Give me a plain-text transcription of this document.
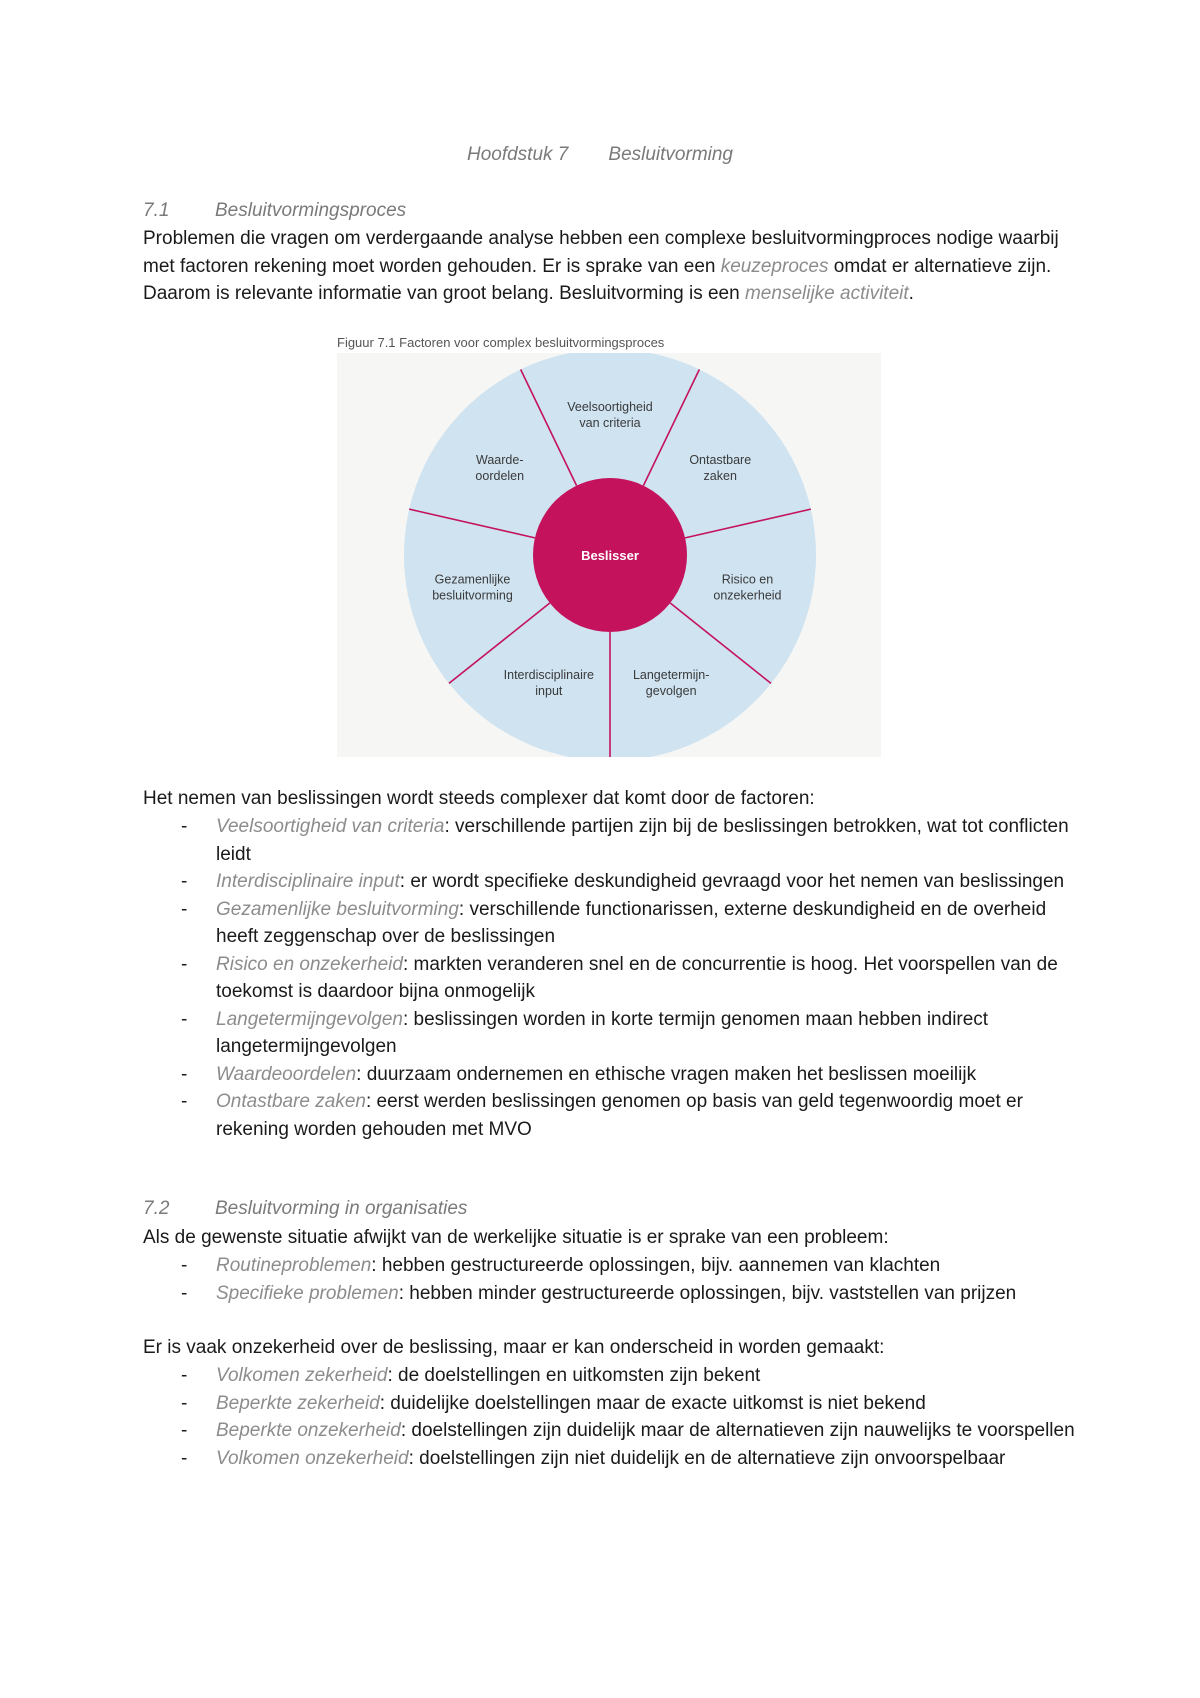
Hoofdstuk 7 Besluitvorming
7.1 Besluitvormingsproces
Problemen die vragen om verdergaande analyse hebben een complexe besluitvormingproces nodige waarbij met factoren rekening moet worden gehouden. Er is sprake van een keuzeproces omdat er alternatieve zijn. Daarom is relevante informatie van groot belang. Besluitvorming is een menselijke activiteit.
Figuur 7.1 Factoren voor complex besluitvormingsproces
Beslisser
Veelsoortigheid van criteria
Ontastbare zaken
Risico en onzekerheid
Langetermijn-gevolgen
Interdisciplinaire input
Gezamenlijke besluitvorming
Waarde-oordelen
Het nemen van beslissingen wordt steeds complexer dat komt door de factoren:
- Veelsoortigheid van criteria: verschillende partijen zijn bij de beslissingen betrokken, wat tot conflicten leidt
- Interdisciplinaire input: er wordt specifieke deskundigheid gevraagd voor het nemen van beslissingen
- Gezamenlijke besluitvorming: verschillende functionarissen, externe deskundigheid en de overheid heeft zeggenschap over de beslissingen
- Risico en onzekerheid: markten veranderen snel en de concurrentie is hoog. Het voorspellen van de toekomst is daardoor bijna onmogelijk
- Langetermijngevolgen: beslissingen worden in korte termijn genomen maan hebben indirect langetermijngevolgen
- Waardeoordelen: duurzaam ondernemen en ethische vragen maken het beslissen moeilijk
- Ontastbare zaken: eerst werden beslissingen genomen op basis van geld tegenwoordig moet er rekening worden gehouden met MVO
7.2 Besluitvorming in organisaties
Als de gewenste situatie afwijkt van de werkelijke situatie is er sprake van een probleem:
- Routineproblemen: hebben gestructureerde oplossingen, bijv. aannemen van klachten
- Specifieke problemen: hebben minder gestructureerde oplossingen, bijv. vaststellen van prijzen
Er is vaak onzekerheid over de beslissing, maar er kan onderscheid in worden gemaakt:
- Volkomen zekerheid: de doelstellingen en uitkomsten zijn bekent
- Beperkte zekerheid: duidelijke doelstellingen maar de exacte uitkomst is niet bekend
- Beperkte onzekerheid: doelstellingen zijn duidelijk maar de alternatieven zijn nauwelijks te voorspellen
- Volkomen onzekerheid: doelstellingen zijn niet duidelijk en de alternatieve zijn onvoorspelbaar
